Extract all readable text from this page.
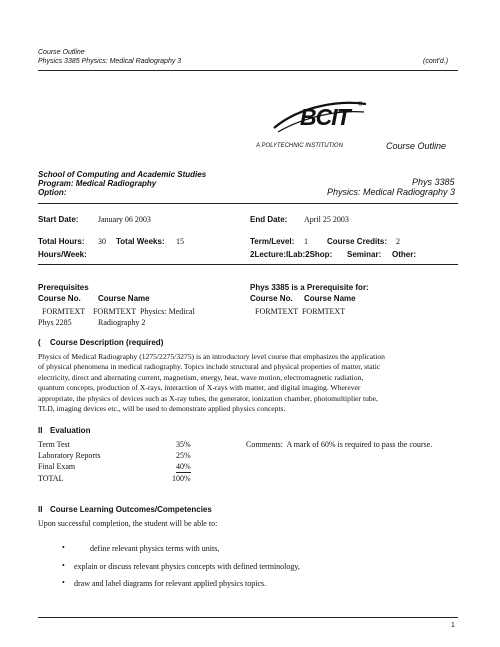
Course Outline
Physics 3385 Physics: Medical Radiography 3	(cont'd.)
BCIT ®
A POLYTECHNIC INSTITUTION	Course Outline
School of Computing and Academic Studies
Program: Medical Radiography
Option:
Phys 3385
Physics: Medical Radiography 3
Start Date: January 06 2003	End Date: April 25 2003
Total Hours: 30 Total Weeks: 15	Term/Level: 1 Course Credits: 2
Hours/Week:	2Lecture:ILab:2Shop: Seminar: Other:
Prerequisites
Course No. Course Name
FORMTEXT    FORMTEXT  Physics: Medical
Phys 2285	Radiography 2
Phys 3385 is a Prerequisite for:
Course No. Course Name
FORMTEXT  FORMTEXT
( Course Description (required)
Physics of Medical Radiography (1275/2275/3275) is an introductory level course that emphasizes the application
of physical phenomena in medical radiography. Topics include structural and physical properties of matter, static
electricity, direct and alternating current, magnetism, energy, heat, wave motion, electromagnetic radiation,
quantum concepts, production of X-rays, interaction of X-rays with matter, and digital imaging. Wherever
appropriate, the physics of devices such as X-ray tubes, the generator, ionization chamber, photomultiplier tube,
TLD, imaging devices etc., will be used to demonstrate applied physics concepts.
II Evaluation
Term Test	35%
Laboratory Reports	25%
Final Exam	40%
TOTAL	100%
Comments:  A mark of 60% is required to pass the course.
II Course Learning Outcomes/Competencies
Upon successful completion, the student will be able to:
•	define relevant physics terms with units,
• explain or discuss relevant physics concepts with defined terminology,
• draw and label diagrams for relevant applied physics topics.
1
